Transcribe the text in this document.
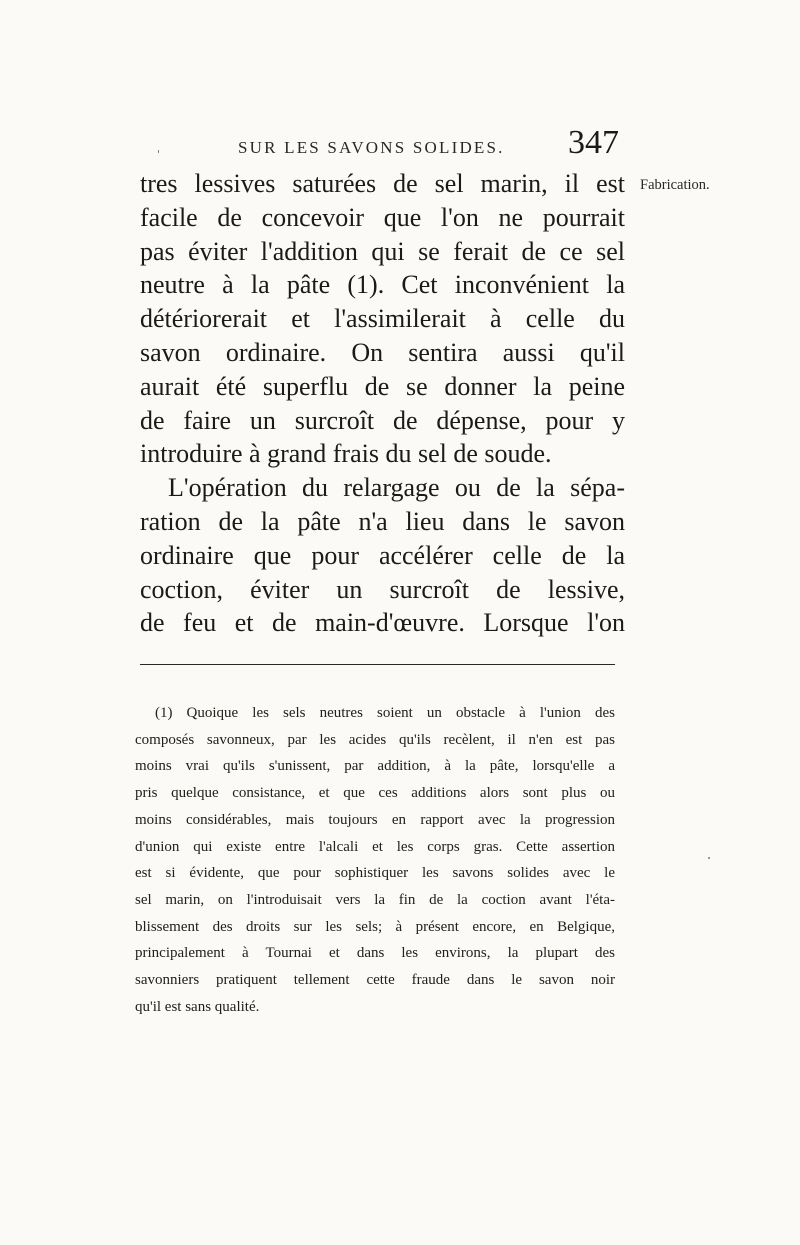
SUR LES SAVONS SOLIDES. 347
Fabrication.
tres lessives saturées de sel marin, il est
facile de concevoir que l'on ne pourrait
pas éviter l'addition qui se ferait de ce sel
neutre à la pâte (1). Cet inconvénient la
détériorerait et l'assimilerait à celle du
savon ordinaire. On sentira aussi qu'il
aurait été superflu de se donner la peine
de faire un surcroît de dépense, pour y
introduire à grand frais du sel de soude.
L'opération du relargage ou de la sépa-
ration de la pâte n'a lieu dans le savon
ordinaire que pour accélérer celle de la
coction, éviter un surcroît de lessive,
de feu et de main-d'œuvre. Lorsque l'on
(1) Quoique les sels neutres soient un obstacle à l'union des
composés savonneux, par les acides qu'ils recèlent, il n'en est pas
moins vrai qu'ils s'unissent, par addition, à la pâte, lorsqu'elle a
pris quelque consistance, et que ces additions alors sont plus ou
moins considérables, mais toujours en rapport avec la progression
d'union qui existe entre l'alcali et les corps gras. Cette assertion
est si évidente, que pour sophistiquer les savons solides avec le
sel marin, on l'introduisait vers la fin de la coction avant l'éta-
blissement des droits sur les sels; à présent encore, en Belgique,
principalement à Tournai et dans les environs, la plupart des
savonniers pratiquent tellement cette fraude dans le savon noir
qu'il est sans qualité.
